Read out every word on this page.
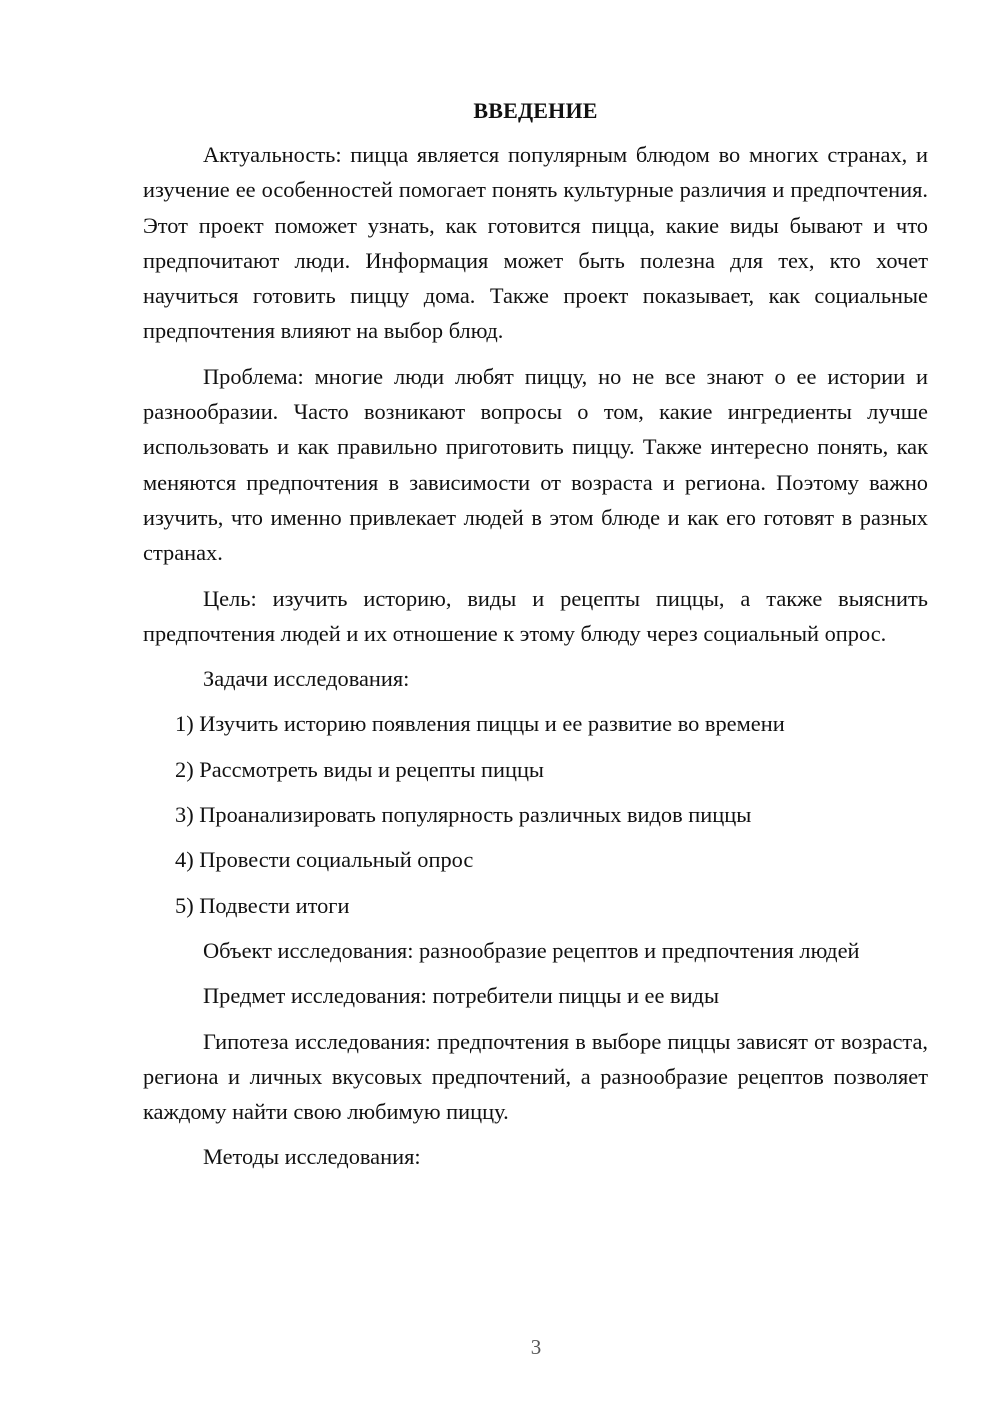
ВВЕДЕНИЕ

Актуальность: пицца является популярным блюдом во многих странах, и изучение ее особенностей помогает понять культурные различия и предпочтения. Этот проект поможет узнать, как готовится пицца, какие виды бывают и что предпочитают люди. Информация может быть полезна для тех, кто хочет научиться готовить пиццу дома. Также проект показывает, как социальные предпочтения влияют на выбор блюд.

Проблема: многие люди любят пиццу, но не все знают о ее истории и разнообразии. Часто возникают вопросы о том, какие ингредиенты лучше использовать и как правильно приготовить пиццу. Также интересно понять, как меняются предпочтения в зависимости от возраста и региона. Поэтому важно изучить, что именно привлекает людей в этом блюде и как его готовят в разных странах.

Цель: изучить историю, виды и рецепты пиццы, а также выяснить предпочтения людей и их отношение к этому блюду через социальный опрос.

Задачи исследования:

1) Изучить историю появления пиццы и ее развитие во времени
2) Рассмотреть виды и рецепты пиццы
3) Проанализировать популярность различных видов пиццы
4) Провести социальный опрос
5) Подвести итоги

Объект исследования: разнообразие рецептов и предпочтения людей

Предмет исследования: потребители пиццы и ее виды

Гипотеза исследования: предпочтения в выборе пиццы зависят от возраста, региона и личных вкусовых предпочтений, а разнообразие рецептов позволяет каждому найти свою любимую пиццу.

Методы исследования:

3
